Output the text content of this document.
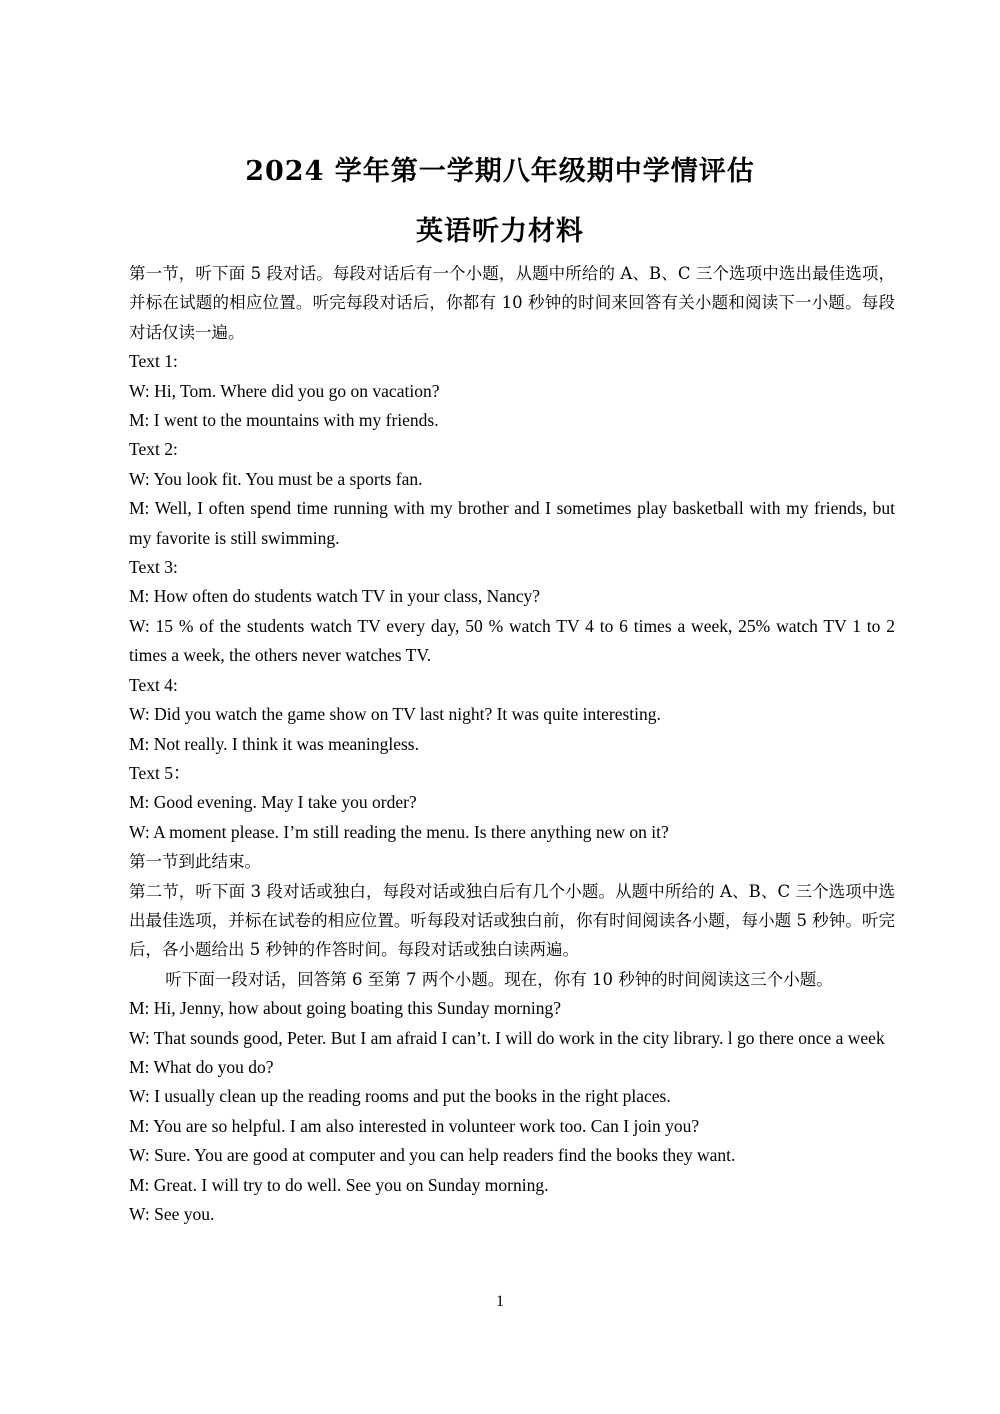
2024 学年第一学期八年级期中学情评估
英语听力材料

第一节，听下面 5 段对话。每段对话后有一个小题，从题中所给的 A、B、C 三个选项中选出最佳选项，并标在试题的相应位置。听完每段对话后，你都有 10 秒钟的时间来回答有关小题和阅读下一小题。每段对话仅读一遍。

Text 1:

W: Hi, Tom. Where did you go on vacation?

M: I went to the mountains with my friends.

Text 2:

W: You look fit. You must be a sports fan.

M: Well, I often spend time running with my brother and I sometimes play basketball with my friends, but my favorite is still swimming.

Text 3:

M: How often do students watch TV in your class, Nancy?

W: 15 % of the students watch TV every day, 50 % watch TV 4 to 6 times a week, 25% watch TV 1 to 2 times a week, the others never watches TV.

Text 4:

W: Did you watch the game show on TV last night? It was quite interesting.

M: Not really. I think it was meaningless.

Text 5：

M: Good evening. May I take you order?

W: A moment please. I’m still reading the menu. Is there anything new on it?

第一节到此结束。

第二节，听下面 3 段对话或独白，每段对话或独白后有几个小题。从题中所给的 A、B、C 三个选项中选出最佳选项，并标在试卷的相应位置。听每段对话或独白前，你有时间阅读各小题，每小题 5 秒钟。听完后，各小题给出 5 秒钟的作答时间。每段对话或独白读两遍。

听下面一段对话，回答第 6 至第 7 两个小题。现在，你有 10 秒钟的时间阅读这三个小题。

M: Hi, Jenny, how about going boating this Sunday morning?

W: That sounds good, Peter. But I am afraid I can’t. I will do work in the city library. l go there once a week

M: What do you do?

W: I usually clean up the reading rooms and put the books in the right places.

M: You are so helpful. I am also interested in volunteer work too. Can I join you?

W: Sure. You are good at computer and you can help readers find the books they want.

M: Great. I will try to do well. See you on Sunday morning.

W: See you.

1
